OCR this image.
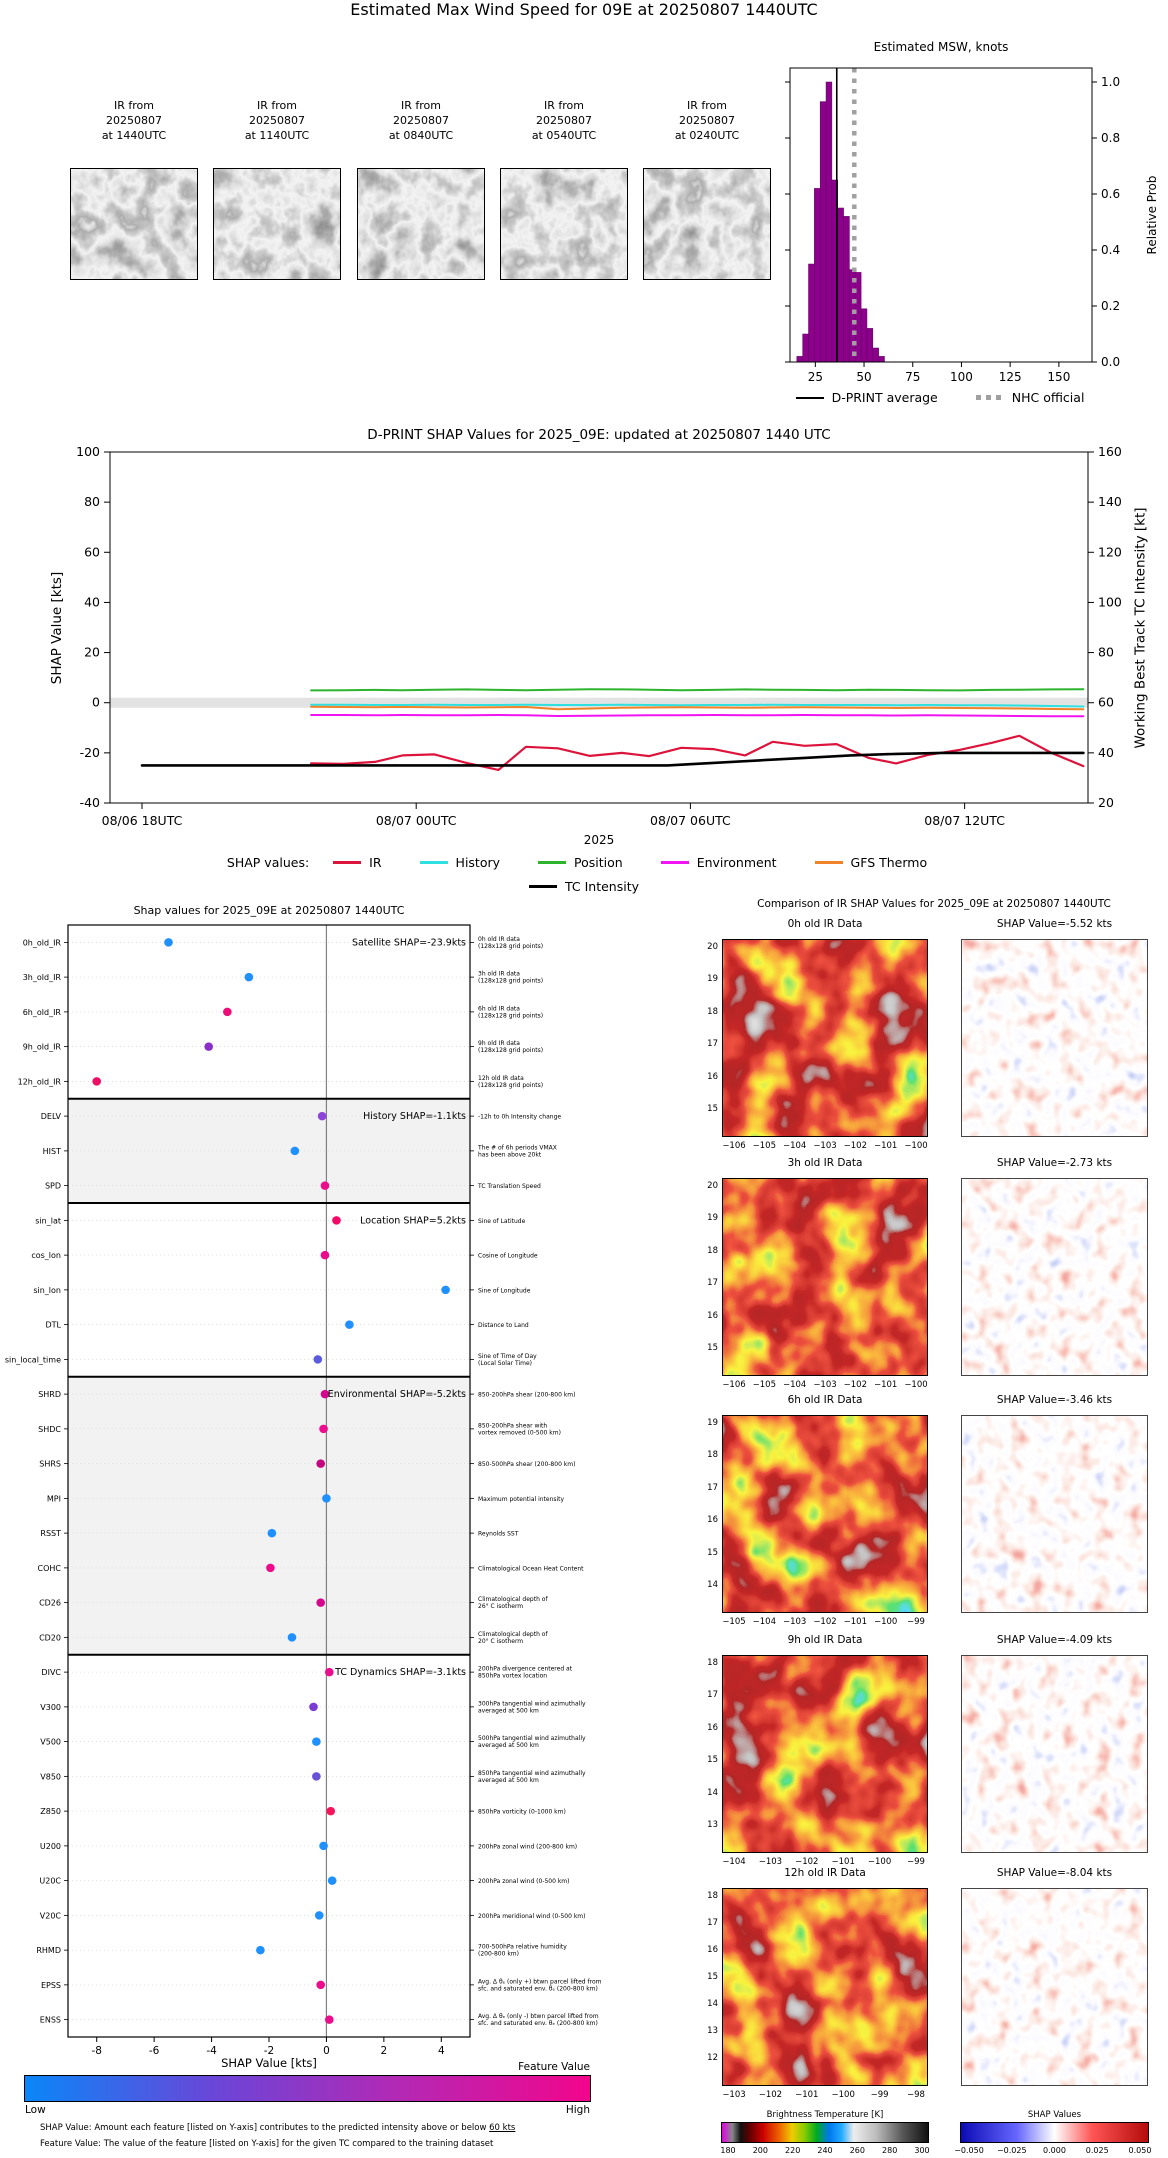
Estimated Max Wind Speed for 09E at 20250807 1440UTC
IR from
20250807
at 1440UTC
IR from
20250807
at 1140UTC
IR from
20250807
at 0840UTC
IR from
20250807
at 0540UTC
IR from
20250807
at 0240UTC
Estimated MSW, knots
0.0
0.2
0.4
0.6
0.8
1.0
25	50	75 100 125 150
Relative Prob
D-PRINT average	NHC official
D-PRINT SHAP Values for 2025_09E: updated at 20250807 1440 UTC
100
80
60
40
20
0
-20
-40
160
140
120
100
80
60
40
20
08/06 18UTC	08/07 00UTC	08/07 06UTC	08/07 12UTC
SHAP Value [kts]	Working Best Track TC Intensity [kt]
2025
SHAP values:	IR	History	Position	Environment	GFS Thermo
TC Intensity
Shap values for 2025_09E at 20250807 1440UTC
0h_old_IR	0h old IR data
(128x128 grid points)
3h_old_IR	3h old IR data
(128x128 grid points)
6h_old_IR	6h old IR data
(128x128 grid points)
9h_old_IR	9h old IR data
(128x128 grid points)
12h_old_IR	12h old IR data
(128x128 grid points)
DELV	-12h to 0h Intensity change
HIST	The # of 6h periods VMAX
has been above 20kt
SPD	TC Translation Speed
sin_lat	Sine of Latitude
cos_lon	Cosine of Longitude
sin_lon	Sine of Longitude
DTL	Distance to Land
sin_local_time	Sine of Time of Day
(Local Solar Time)
SHRD	850-200hPa shear (200-800 km)
SHDC	850-200hPa shear with
vortex removed (0-500 km)
SHRS	850-500hPa shear (200-800 km)
MPI	Maximum potential intensity
RSST	Reynolds SST
COHC	Climatological Ocean Heat Content
CD26	Climatological depth of
26° C isotherm
CD20	Climatological depth of
20° C isotherm
DIVC	200hPa divergence centered at
850hPa vortex location
V300	300hPa tangential wind azimuthally
averaged at 500 km
V500	500hPa tangential wind azimuthally
averaged at 500 km
V850	850hPa tangential wind azimuthally
averaged at 500 km
Z850	850hPa vorticity (0-1000 km)
U200	200hPa zonal wind (200-800 km)
U20C	200hPa zonal wind (0-500 km)
V20C	200hPa meridional wind (0-500 km)
RHMD	700-500hPa relative humidity
(200-800 km)
EPSS	Avg. Δ θₑ (only +) btwn parcel lifted from
sfc. and saturated env. θₑ (200-800 km)
ENSS	Avg. Δ θₑ (only -) btwn parcel lifted from
sfc. and saturated env. θₑ (200-800 km)
Satellite SHAP=-23.9kts
History SHAP=-1.1kts
Location SHAP=5.2kts
Environmental SHAP=-5.2kts
TC Dynamics SHAP=-3.1kts
-8	-6	-4	-2	0	2	4
SHAP Value [kts]	Feature Value
Low	High
SHAP Value: Amount each feature [listed on Y-axis] contributes to the predicted intensity above or below 60 kts
Feature Value: The value of the feature [listed on Y-axis] for the given TC compared to the training dataset
Comparison of IR SHAP Values for 2025_09E at 20250807 1440UTC
0h old IR Data	SHAP Value=-5.52 kts
20
19
18
17
16
15
−106 −105 −104 −103 −102 −101 −100
3h old IR Data	SHAP Value=-2.73 kts
20
19
18
17
16
15
−106 −105 −104 −103 −102 −101 −100
6h old IR Data	SHAP Value=-3.46 kts
19
18
17
16
15
14
−105 −104 −103 −102 −101 −100	−99
9h old IR Data	SHAP Value=-4.09 kts
18
17
16
15
14
13
−104	−103	−102	−101	−100	−99
12h old IR Data	SHAP Value=-8.04 kts
18
17
16
15
14
13
12
−103	−102	−101	−100	−99	−98
Brightness Temperature [K]
180	200	220	240	260	280	300
SHAP Values
−0.050	−0.025	0.000	0.025	0.050
